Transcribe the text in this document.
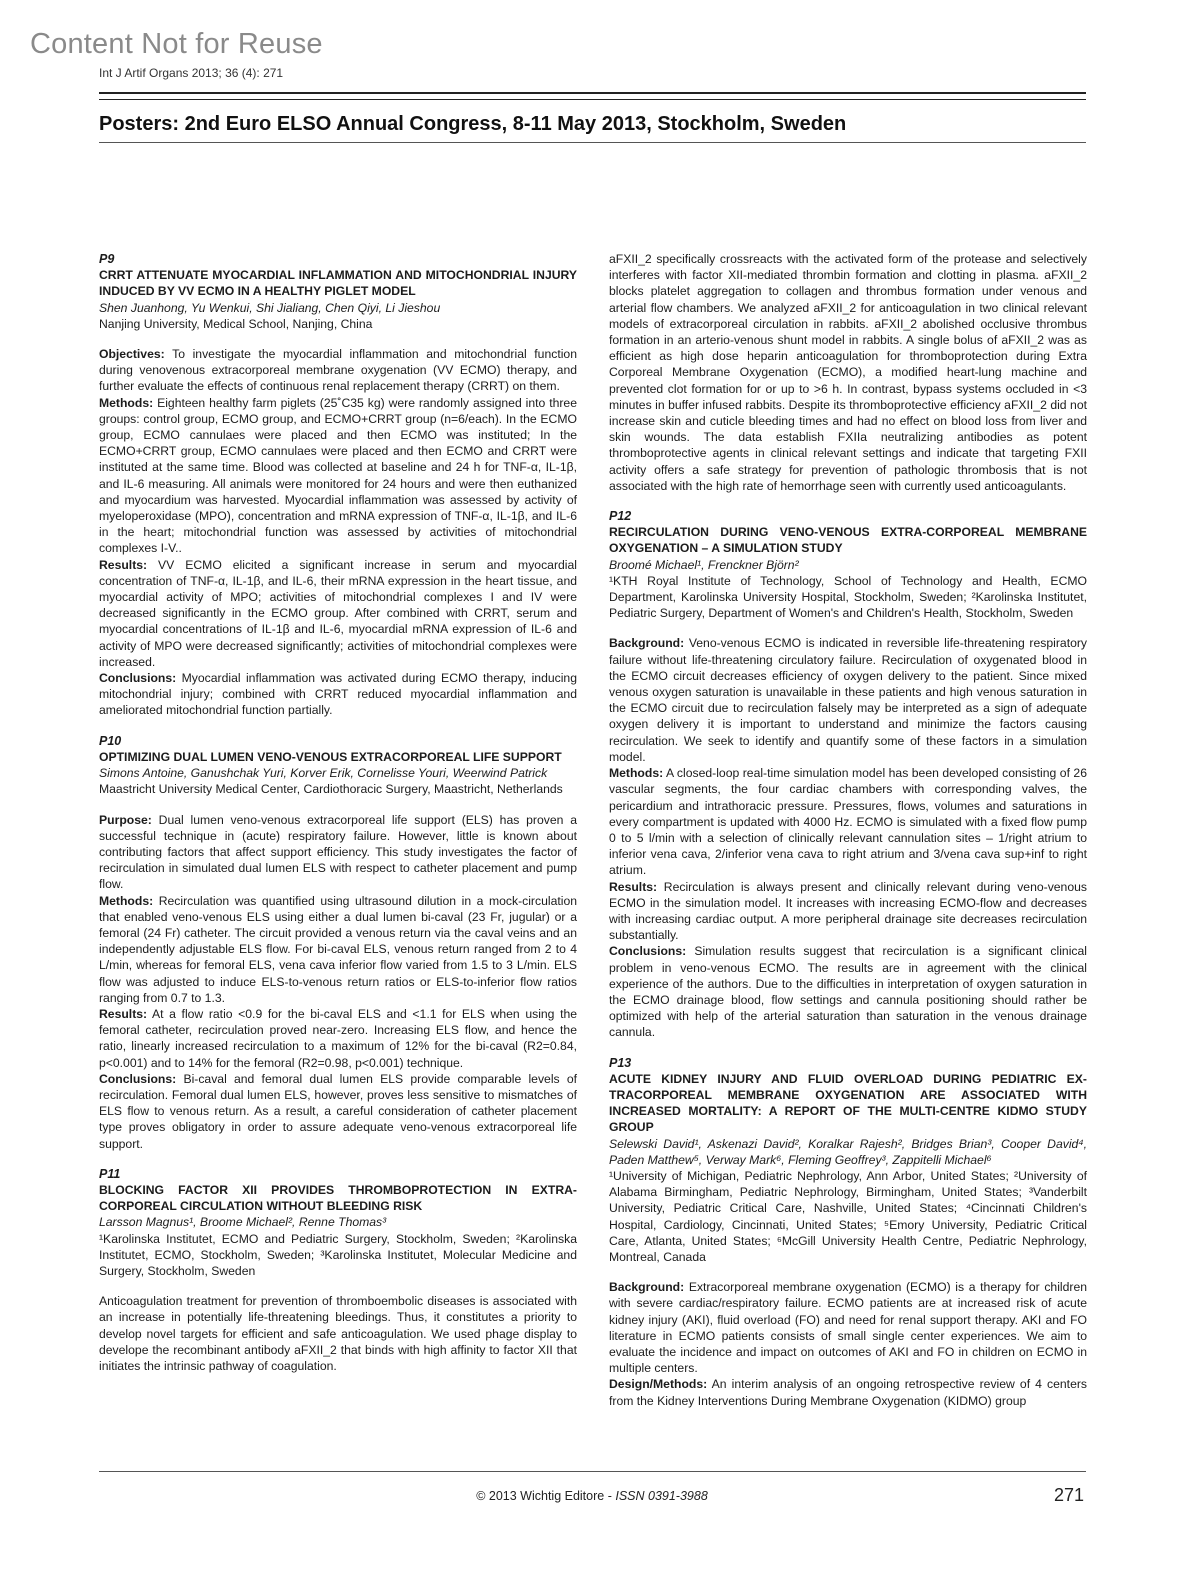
Content Not for Reuse
Int J Artif Organs 2013; 36 (4): 271
Posters: 2nd Euro ELSO Annual Congress, 8-11 May 2013, Stockholm, Sweden

P9

CRRT ATTENUATE MYOCARDIAL INFLAMMATION AND MITOCHONDRIAL INJURY INDUCED BY VV ECMO IN A HEALTHY PIGLET MODEL

Shen Juanhong, Yu Wenkui, Shi Jialiang, Chen Qiyi, Li Jieshou

Nanjing University, Medical School, Nanjing, China

Objectives: To investigate the myocardial inflammation and mitochondrial function during venovenous extracorporeal membrane oxygenation (VV ECMO) therapy, and further evaluate the effects of continuous renal replacement therapy (CRRT) on them.

Methods: Eighteen healthy farm piglets (25˚C35 kg) were randomly assigned into three groups: control group, ECMO group, and ECMO+CRRT group (n=6/each). In the ECMO group, ECMO cannulaes were placed and then ECMO was instituted; In the ECMO+CRRT group, ECMO cannulaes were placed and then ECMO and CRRT were instituted at the same time. Blood was collected at baseline and 24 h for TNF-α, IL-1β, and IL-6 measuring. All animals were monitored for 24 hours and were then euthanized and myocardium was harvested. Myocardial inflammation was assessed by activity of myeloperoxidase (MPO), concentration and mRNA expression of TNF-α, IL-1β, and IL-6 in the heart; mitochondrial function was assessed by activities of mitochondrial complexes I-V..

Results: VV ECMO elicited a significant increase in serum and myocardial concentration of TNF-α, IL-1β, and IL-6, their mRNA expression in the heart tissue, and myocardial activity of MPO; activities of mitochondrial complexes I and IV were decreased significantly in the ECMO group. After combined with CRRT, serum and myocardial concentrations of IL-1β and IL-6, myocardial mRNA expression of IL-6 and activity of MPO were decreased significantly; activities of mitochondrial complexes were increased.

Conclusions: Myocardial inflammation was activated during ECMO therapy, inducing mitochondrial injury; combined with CRRT reduced myocardial inflammation and ameliorated mitochondrial function partially.

P10

OPTIMIZING DUAL LUMEN VENO-VENOUS EXTRACORPOREAL LIFE SUPPORT

Simons Antoine, Ganushchak Yuri, Korver Erik, Cornelisse Youri, Weerwind Patrick

Maastricht University Medical Center, Cardiothoracic Surgery, Maastricht, Netherlands

Purpose: Dual lumen veno-venous extracorporeal life support (ELS) has proven a successful technique in (acute) respiratory failure. However, little is known about contributing factors that affect support efficiency. This study investigates the factor of recirculation in simulated dual lumen ELS with respect to catheter placement and pump flow.

Methods: Recirculation was quantified using ultrasound dilution in a mock-circulation that enabled veno-venous ELS using either a dual lumen bi-caval (23 Fr, jugular) or a femoral (24 Fr) catheter. The circuit provided a venous return via the caval veins and an independently adjustable ELS flow. For bi-caval ELS, venous return ranged from 2 to 4 L/min, whereas for femoral ELS, vena cava inferior flow varied from 1.5 to 3 L/min. ELS flow was adjusted to induce ELS-to-venous return ratios or ELS-to-inferior flow ratios ranging from 0.7 to 1.3.

Results: At a flow ratio <0.9 for the bi-caval ELS and <1.1 for ELS when using the femoral catheter, recirculation proved near-zero. Increasing ELS flow, and hence the ratio, linearly increased recirculation to a maximum of 12% for the bi-caval (R2=0.84, p<0.001) and to 14% for the femoral (R2=0.98, p<0.001) technique.

Conclusions: Bi-caval and femoral dual lumen ELS provide comparable levels of recirculation. Femoral dual lumen ELS, however, proves less sensitive to mismatches of ELS flow to venous return. As a result, a careful consideration of catheter placement type proves obligatory in order to assure adequate veno-venous extracorporeal life support.

P11

BLOCKING FACTOR XII PROVIDES THROMBOPROTECTION IN EXTRA-CORPOREAL CIRCULATION WITHOUT BLEEDING RISK

Larsson Magnus¹, Broome Michael², Renne Thomas³

¹Karolinska Institutet, ECMO and Pediatric Surgery, Stockholm, Sweden; ²Karolinska Institutet, ECMO, Stockholm, Sweden; ³Karolinska Institutet, Molecular Medicine and Surgery, Stockholm, Sweden

Anticoagulation treatment for prevention of thromboembolic diseases is associated with an increase in potentially life-threatening bleedings. Thus, it constitutes a priority to develop novel targets for efficient and safe anticoagulation. We used phage display to develope the recombinant antibody aFXII_2 that binds with high affinity to factor XII that initiates the intrinsic pathway of coagulation.

aFXII_2 specifically crossreacts with the activated form of the protease and selectively interferes with factor XII-mediated thrombin formation and clotting in plasma. aFXII_2 blocks platelet aggregation to collagen and thrombus formation under venous and arterial flow chambers. We analyzed aFXII_2 for anticoagulation in two clinical relevant models of extracorporeal circulation in rabbits. aFXII_2 abolished occlusive thrombus formation in an arterio-venous shunt model in rabbits. A single bolus of aFXII_2 was as efficient as high dose heparin anticoagulation for thromboprotection during Extra Corporeal Membrane Oxygenation (ECMO), a modified heart-lung machine and prevented clot formation for or up to >6 h. In contrast, bypass systems occluded in <3 minutes in buffer infused rabbits. Despite its thromboprotective efficiency aFXII_2 did not increase skin and cuticle bleeding times and had no effect on blood loss from liver and skin wounds. The data establish FXIIa neutralizing antibodies as potent thromboprotective agents in clinical relevant settings and indicate that targeting FXII activity offers a safe strategy for prevention of pathologic thrombosis that is not associated with the high rate of hemorrhage seen with currently used anticoagulants.

P12

RECIRCULATION DURING VENO-VENOUS EXTRA-CORPOREAL MEMBRANE OXYGENATION – A SIMULATION STUDY

Broomé Michael¹, Frenckner Björn²

¹KTH Royal Institute of Technology, School of Technology and Health, ECMO Department, Karolinska University Hospital, Stockholm, Sweden; ²Karolinska Institutet, Pediatric Surgery, Department of Women's and Children's Health, Stockholm, Sweden

Background: Veno-venous ECMO is indicated in reversible life-threatening respiratory failure without life-threatening circulatory failure. Recirculation of oxygenated blood in the ECMO circuit decreases efficiency of oxygen delivery to the patient. Since mixed venous oxygen saturation is unavailable in these patients and high venous saturation in the ECMO circuit due to recirculation falsely may be interpreted as a sign of adequate oxygen delivery it is important to understand and minimize the factors causing recirculation. We seek to identify and quantify some of these factors in a simulation model.

Methods: A closed-loop real-time simulation model has been developed consisting of 26 vascular segments, the four cardiac chambers with corresponding valves, the pericardium and intrathoracic pressure. Pressures, flows, volumes and saturations in every compartment is updated with 4000 Hz. ECMO is simulated with a fixed flow pump 0 to 5 l/min with a selection of clinically relevant cannulation sites – 1/right atrium to inferior vena cava, 2/inferior vena cava to right atrium and 3/vena cava sup+inf to right atrium.

Results: Recirculation is always present and clinically relevant during veno-venous ECMO in the simulation model. It increases with increasing ECMO-flow and decreases with increasing cardiac output. A more peripheral drainage site decreases recirculation substantially.

Conclusions: Simulation results suggest that recirculation is a significant clinical problem in veno-venous ECMO. The results are in agreement with the clinical experience of the authors. Due to the difficulties in interpretation of oxygen saturation in the ECMO drainage blood, flow settings and cannula positioning should rather be optimized with help of the arterial saturation than saturation in the venous drainage cannula.

P13

ACUTE KIDNEY INJURY AND FLUID OVERLOAD DURING PEDIATRIC EX-TRACORPOREAL MEMBRANE OXYGENATION ARE ASSOCIATED WITH INCREASED MORTALITY: A REPORT OF THE MULTI-CENTRE KIDMO STUDY GROUP

Selewski David¹, Askenazi David², Koralkar Rajesh², Bridges Brian³, Cooper David⁴, Paden Matthew⁵, Verway Mark⁶, Fleming Geoffrey³, Zappitelli Michael⁶

¹University of Michigan, Pediatric Nephrology, Ann Arbor, United States; ²University of Alabama Birmingham, Pediatric Nephrology, Birmingham, United States; ³Vanderbilt University, Pediatric Critical Care, Nashville, United States; ⁴Cincinnati Children's Hospital, Cardiology, Cincinnati, United States; ⁵Emory University, Pediatric Critical Care, Atlanta, United States; ⁶McGill University Health Centre, Pediatric Nephrology, Montreal, Canada

Background: Extracorporeal membrane oxygenation (ECMO) is a therapy for children with severe cardiac/respiratory failure. ECMO patients are at increased risk of acute kidney injury (AKI), fluid overload (FO) and need for renal support therapy. AKI and FO literature in ECMO patients consists of small single center experiences. We aim to evaluate the incidence and impact on outcomes of AKI and FO in children on ECMO in multiple centers.

Design/Methods: An interim analysis of an ongoing retrospective review of 4 centers from the Kidney Interventions During Membrane Oxygenation (KIDMO) group

© 2013 Wichtig Editore - ISSN 0391-3988	271
